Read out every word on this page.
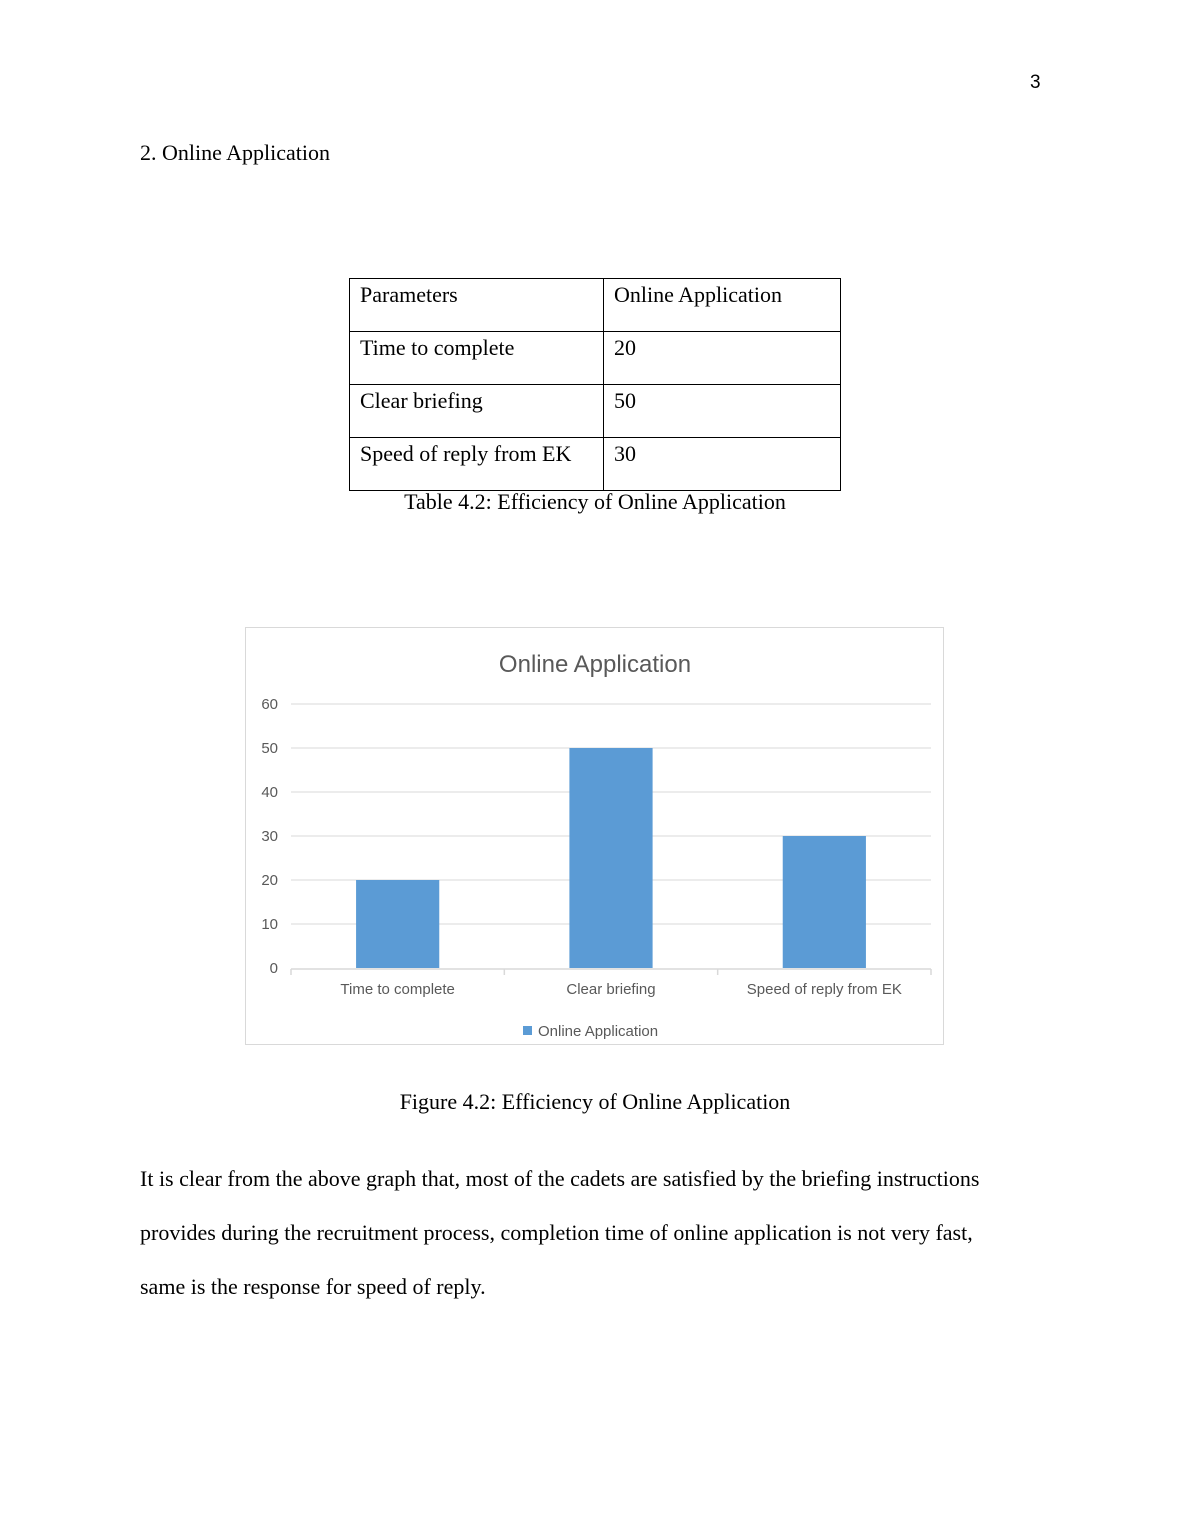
3
2. Online Application
Parameters	Online Application
Time to complete	20
Clear briefing	50
Speed of reply from EK	30
Table 4.2: Efficiency of Online Application
Online Application
0
10
20
30
40
50
60
Time to complete	Clear briefing	Speed of reply from EK
Online Application
Figure 4.2: Efficiency of Online Application
It is clear from the above graph that, most of the cadets are satisfied by the briefing instructions
provides during the recruitment process, completion time of online application is not very fast,
same is the response for speed of reply.
